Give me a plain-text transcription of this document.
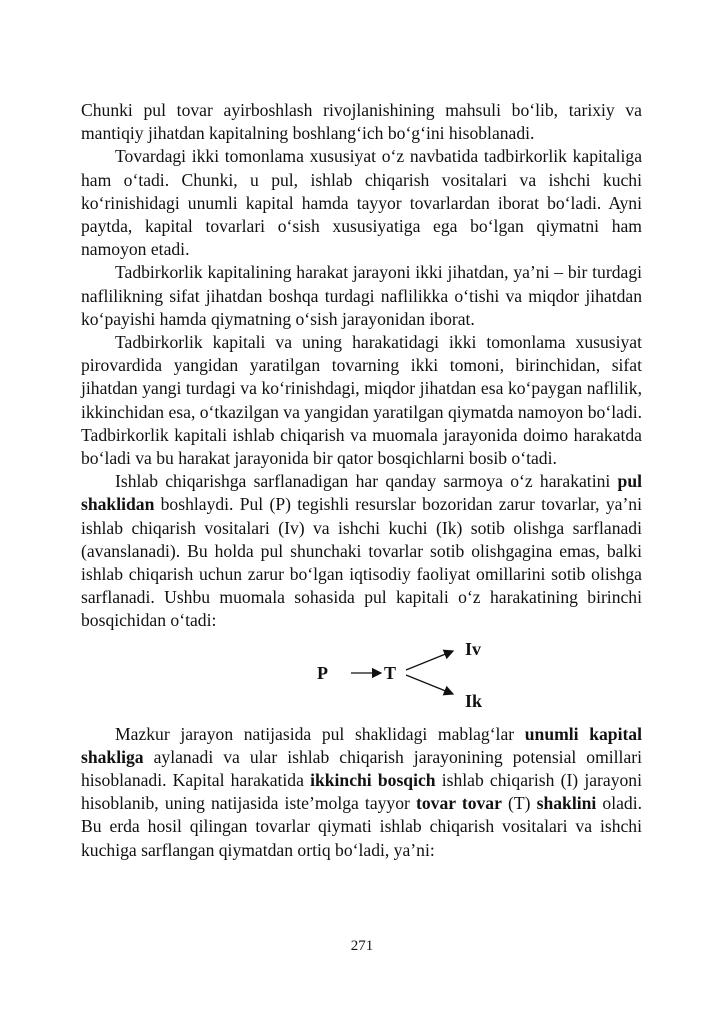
Chunki pul tovar ayirboshlash rivojlanishining mahsuli bo‘lib, tarixiy va mantiqiy jihatdan kapitalning boshlang‘ich bo‘g‘ini hisoblanadi.

Tovardagi ikki tomonlama xususiyat o‘z navbatida tadbirkorlik kapitaliga ham o‘tadi. Chunki, u pul, ishlab chiqarish vositalari va ishchi kuchi ko‘rinishidagi unumli kapital hamda tayyor tovarlardan iborat bo‘ladi. Ayni paytda, kapital tovarlari o‘sish xususiyatiga ega bo‘lgan qiymatni ham namoyon etadi.

Tadbirkorlik kapitalining harakat jarayoni ikki jihatdan, ya’ni – bir turdagi naflilikning sifat jihatdan boshqa turdagi naflilikka o‘tishi va miqdor jihatdan ko‘payishi hamda qiymatning o‘sish jarayonidan iborat.

Tadbirkorlik kapitali va uning harakatidagi ikki tomonlama xususiyat pirovardida yangidan yaratilgan tovarning ikki tomoni, birinchidan, sifat jihatdan yangi turdagi va ko‘rinishdagi, miqdor jihatdan esa ko‘paygan naflilik, ikkinchidan esa, o‘tkazilgan va yangidan yaratilgan qiymatda namoyon bo‘ladi. Tadbirkorlik kapitali ishlab chiqarish va muomala jarayonida doimo harakatda bo‘ladi va bu harakat jarayonida bir qator bosqichlarni bosib o‘tadi.

Ishlab chiqarishga sarflanadigan har qanday sarmoya o‘z harakatini pul shaklidan boshlaydi. Pul (P) tegishli resurslar bozoridan zarur tovarlar, ya’ni ishlab chiqarish vositalari (Iv) va ishchi kuchi (Ik) sotib olishga sarflanadi (avanslanadi). Bu holda pul shunchaki tovarlar sotib olishgagina emas, balki ishlab chiqarish uchun zarur bo‘lgan iqtisodiy faoliyat omillarini sotib olishga sarflanadi. Ushbu muomala sohasida pul kapitali o‘z harakatining birinchi bosqichidan o‘tadi:

P	T
Iv
Ik

Mazkur jarayon natijasida pul shaklidagi mablag‘lar unumli kapital shakliga aylanadi va ular ishlab chiqarish jarayonining potensial omillari hisoblanadi. Kapital harakatida ikkinchi bosqich ishlab chiqarish (I) jarayoni hisoblanib, uning natijasida iste’molga tayyor tovar tovar (T) shaklini oladi. Bu erda hosil qilingan tovarlar qiymati ishlab chiqarish vositalari va ishchi kuchiga sarflangan qiymatdan ortiq bo‘ladi, ya’ni:

271
